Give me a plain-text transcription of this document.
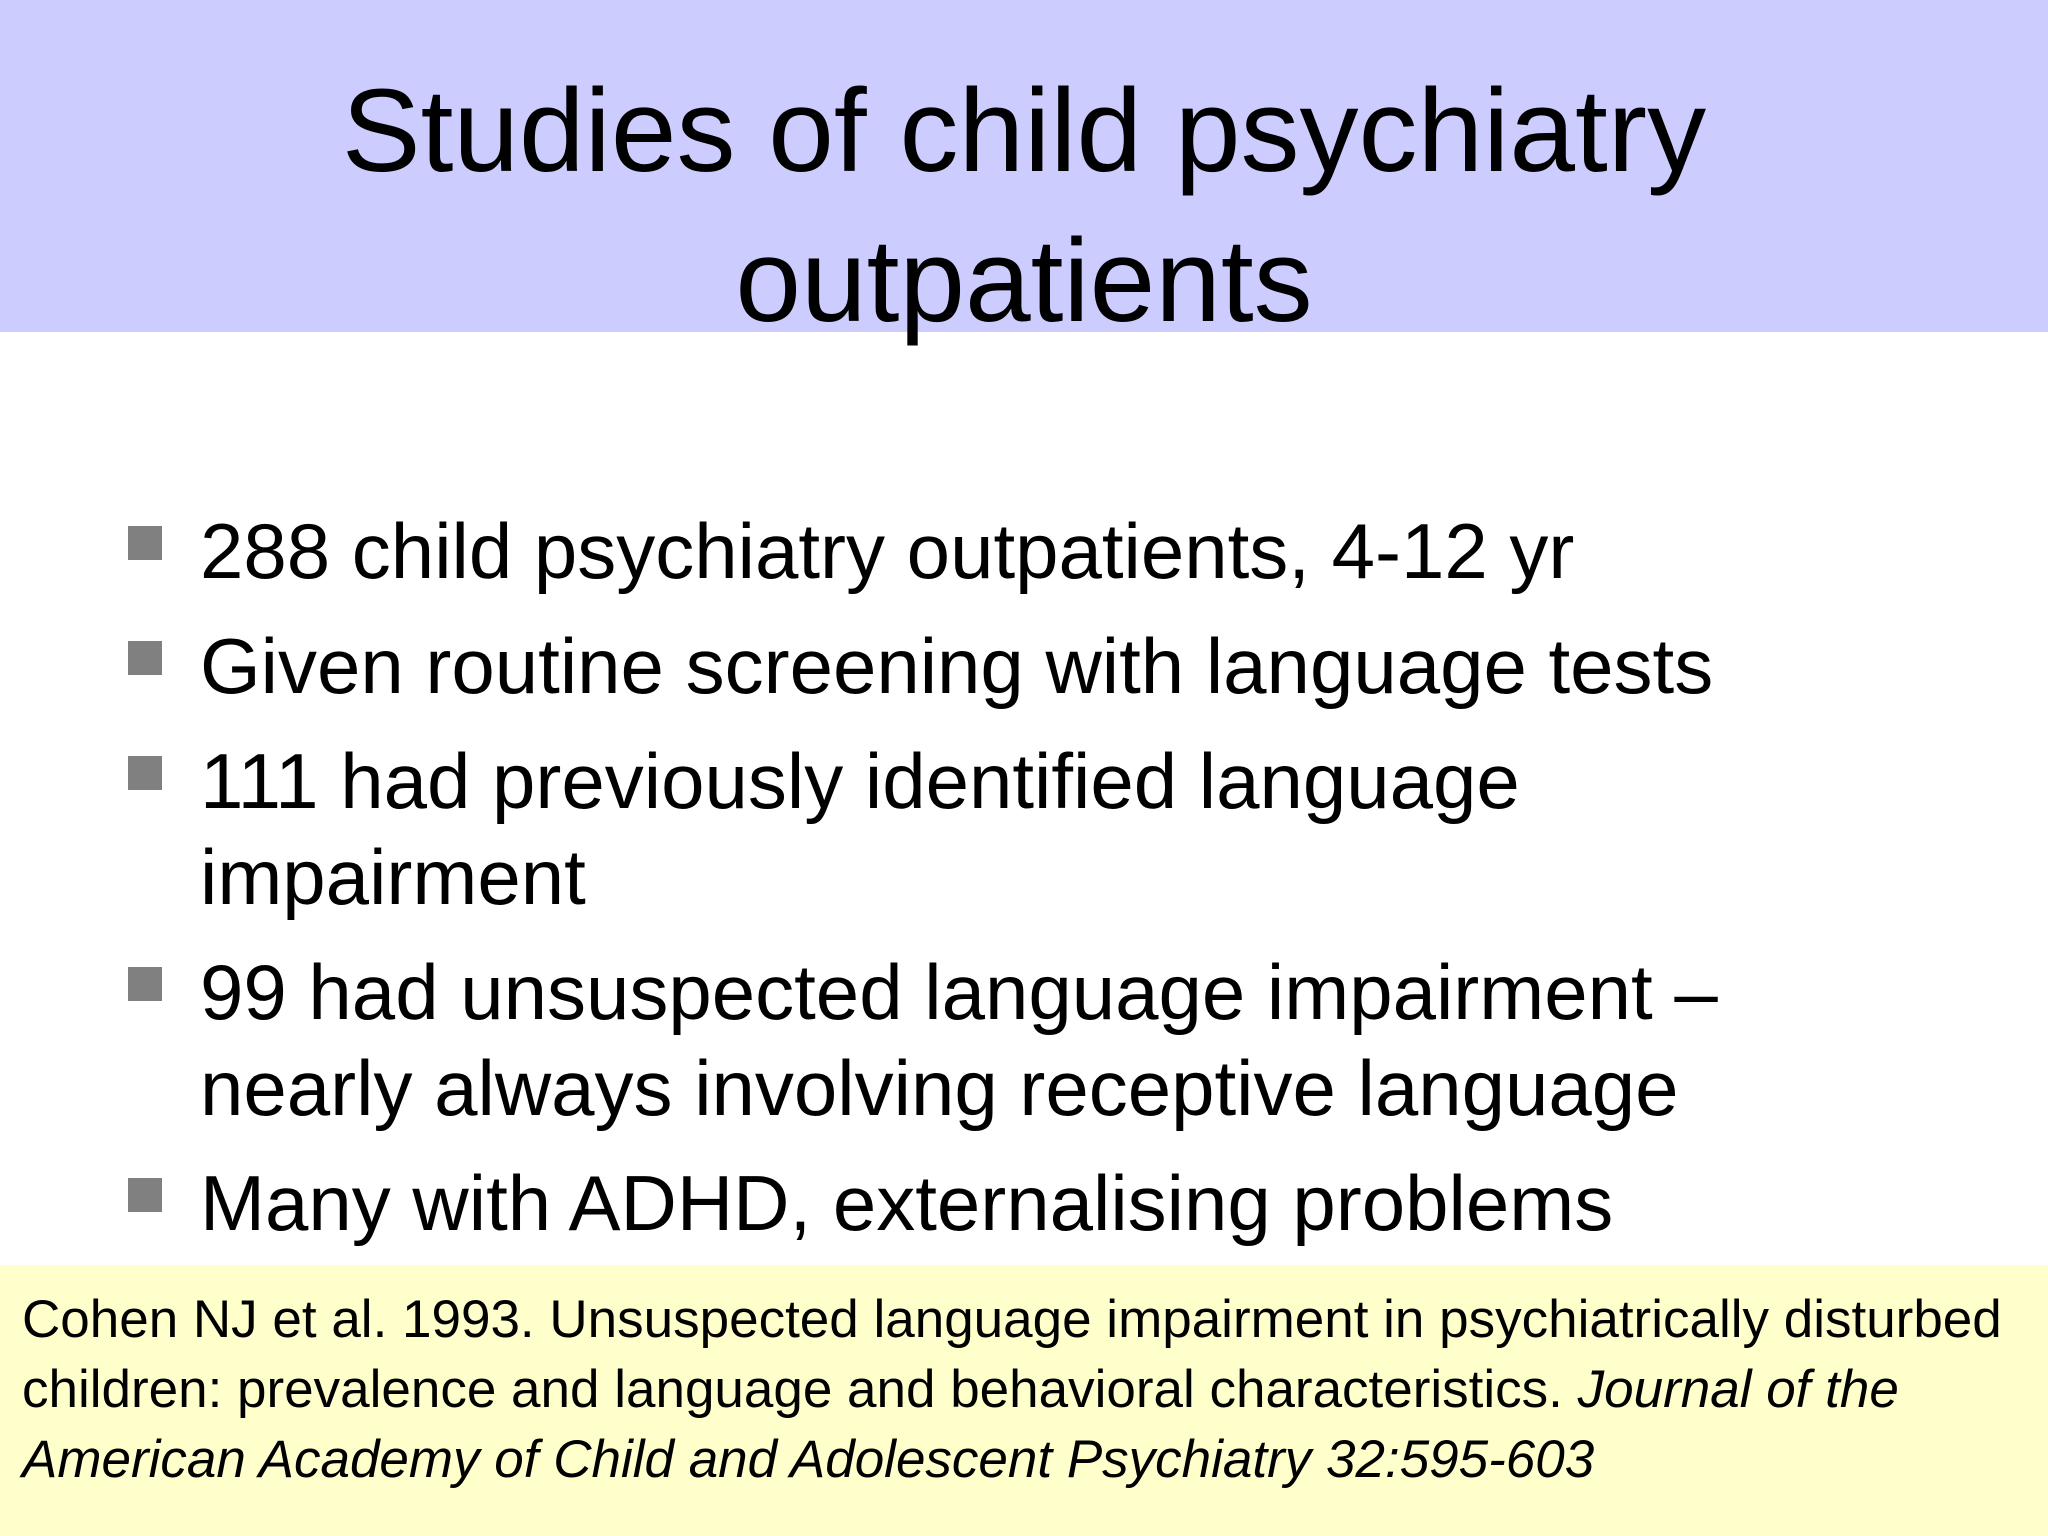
Studies of child psychiatry
outpatients
288 child psychiatry outpatients, 4-12 yr
Given routine screening with language tests
111 had previously identified language impairment
99 had unsuspected language impairment – nearly always involving receptive language
Many with ADHD, externalising problems

Cohen NJ et al. 1993. Unsuspected language impairment in psychiatrically disturbed children: prevalence and language and behavioral characteristics. Journal of the American Academy of Child and Adolescent Psychiatry 32:595-603
